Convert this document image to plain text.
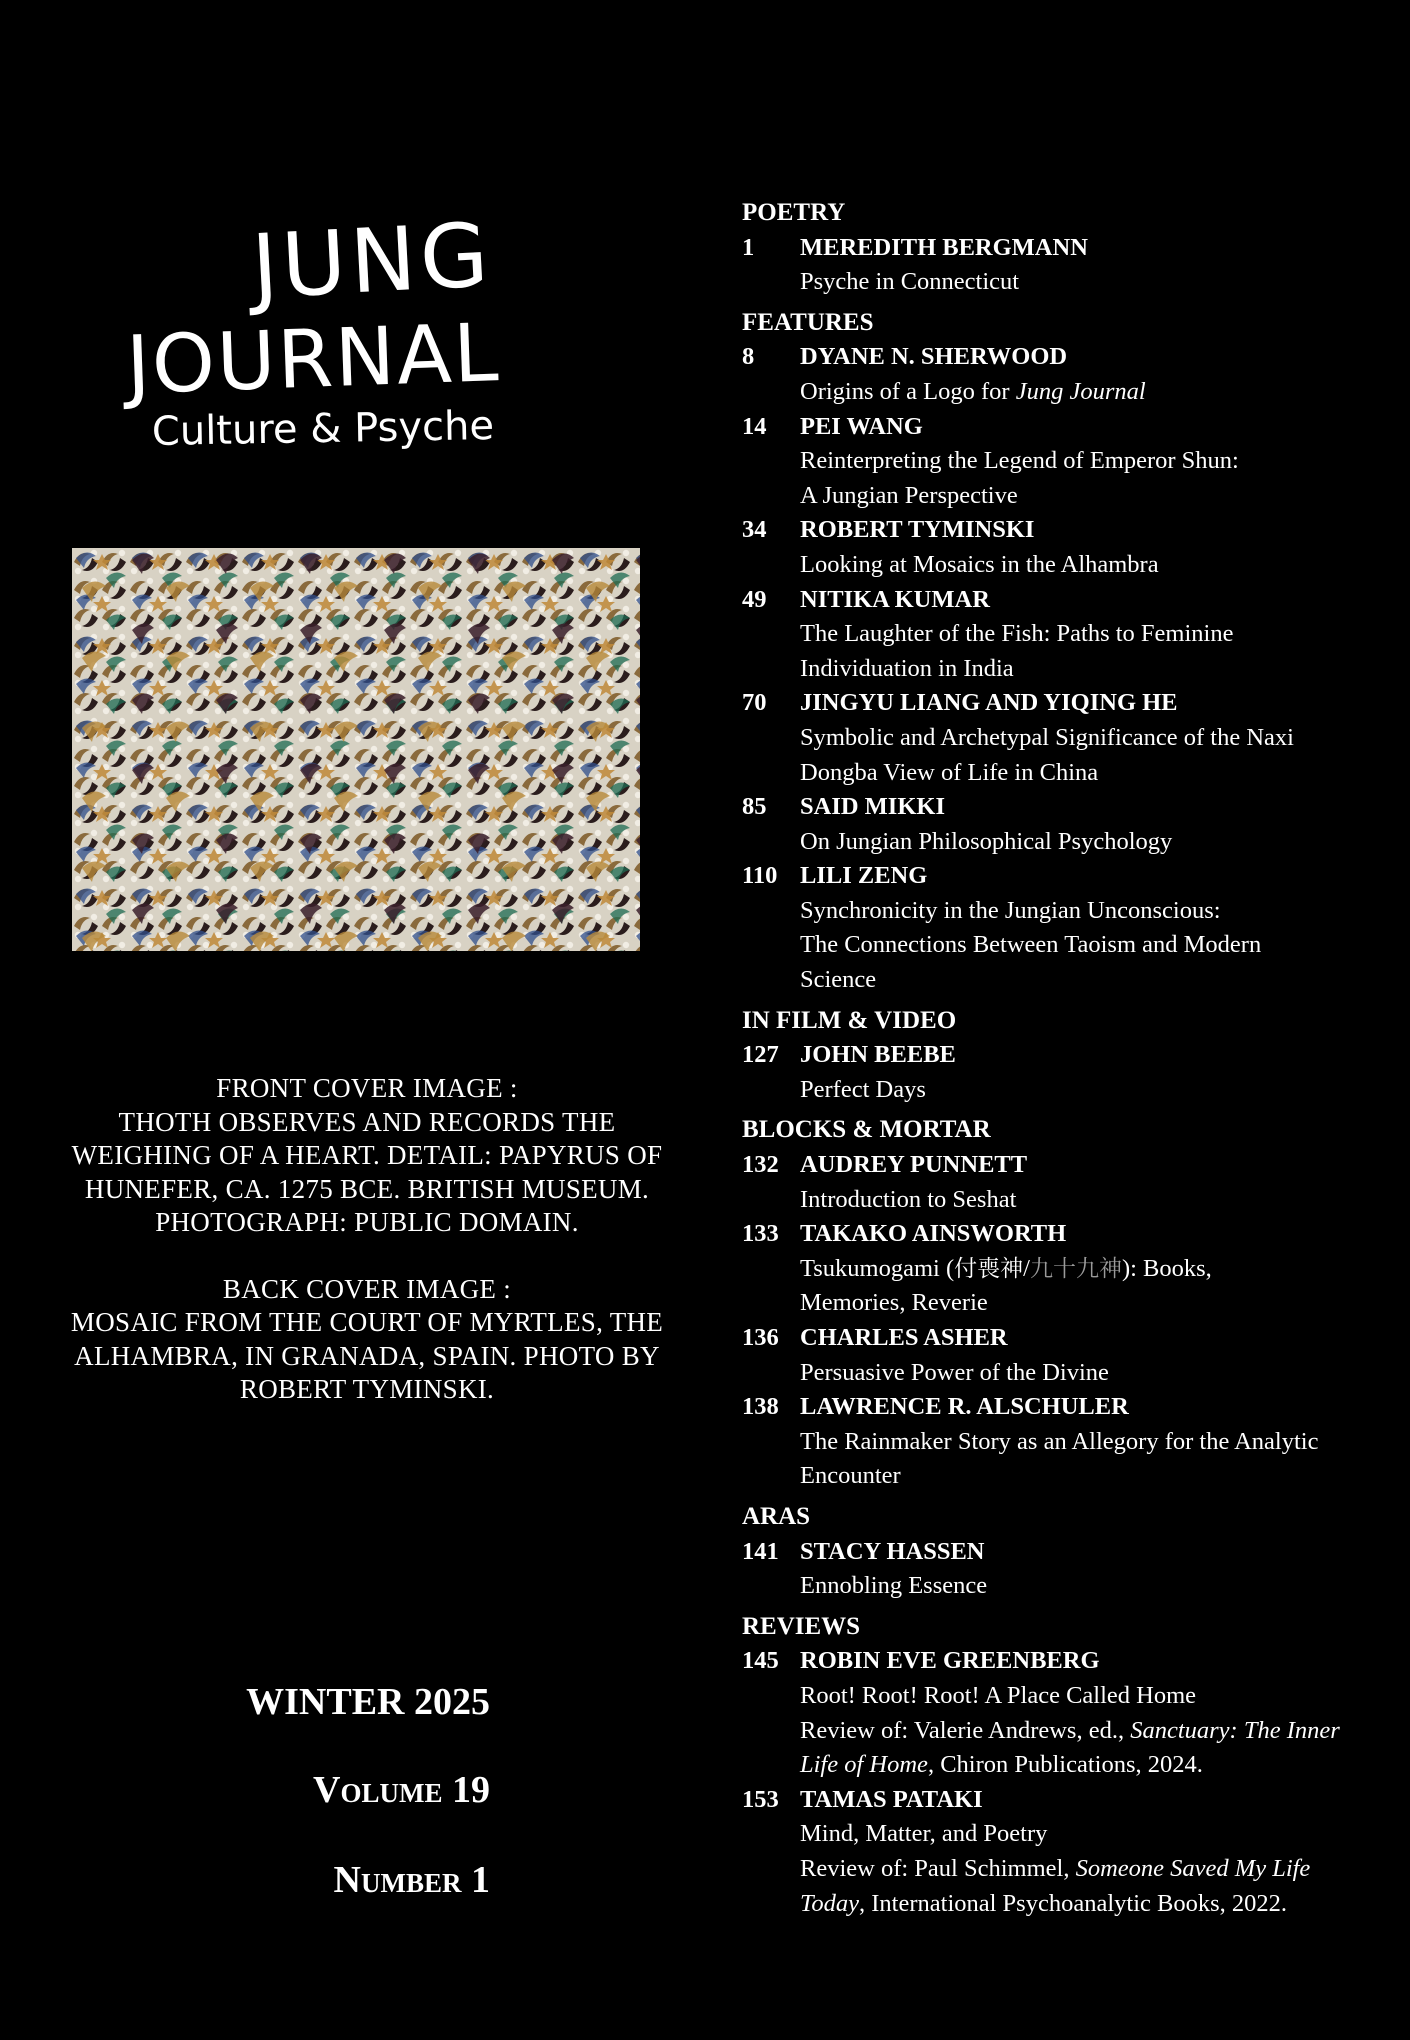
JUNG
JOURNAL
Culture & Psyche

FRONT COVER IMAGE :

THOTH OBSERVES AND RECORDS THE

WEIGHING OF A HEART. DETAIL: PAPYRUS OF

HUNEFER, CA. 1275 BCE. BRITISH MUSEUM.

PHOTOGRAPH: PUBLIC DOMAIN.

BACK COVER IMAGE :

MOSAIC FROM THE COURT OF MYRTLES, THE

ALHAMBRA, IN GRANADA, SPAIN. PHOTO BY

ROBERT TYMINSKI.

WINTER 2025
Volume 19
Number 1
POETRY
1	MEREDITH BERGMANN
Psyche in Connecticut
FEATURES
8	DYANE N. SHERWOOD
Origins of a Logo for Jung Journal
14	PEI WANG
Reinterpreting the Legend of Emperor Shun:
A Jungian Perspective
34	ROBERT TYMINSKI
Looking at Mosaics in the Alhambra
49	NITIKA KUMAR
The Laughter of the Fish: Paths to Feminine
Individuation in India
70	JINGYU LIANG AND YIQING HE
Symbolic and Archetypal Significance of the Naxi
Dongba View of Life in China
85	SAID MIKKI
On Jungian Philosophical Psychology
110 LILI ZENG
Synchronicity in the Jungian Unconscious:
The Connections Between Taoism and Modern
Science
IN FILM & VIDEO
127 JOHN BEEBE
Perfect Days
BLOCKS & MORTAR
132 AUDREY PUNNETT
Introduction to Seshat
133 TAKAKO AINSWORTH
Tsukumogami (付喪神/九十九神): Books,
Memories, Reverie
136 CHARLES ASHER
Persuasive Power of the Divine
138 LAWRENCE R. ALSCHULER
The Rainmaker Story as an Allegory for the Analytic
Encounter
ARAS
141 STACY HASSEN
Ennobling Essence
REVIEWS
145 ROBIN EVE GREENBERG
Root! Root! Root! A Place Called Home
Review of: Valerie Andrews, ed., Sanctuary: The Inner
Life of Home, Chiron Publications, 2024.
153 TAMAS PATAKI
Mind, Matter, and Poetry
Review of: Paul Schimmel, Someone Saved My Life
Today, International Psychoanalytic Books, 2022.
